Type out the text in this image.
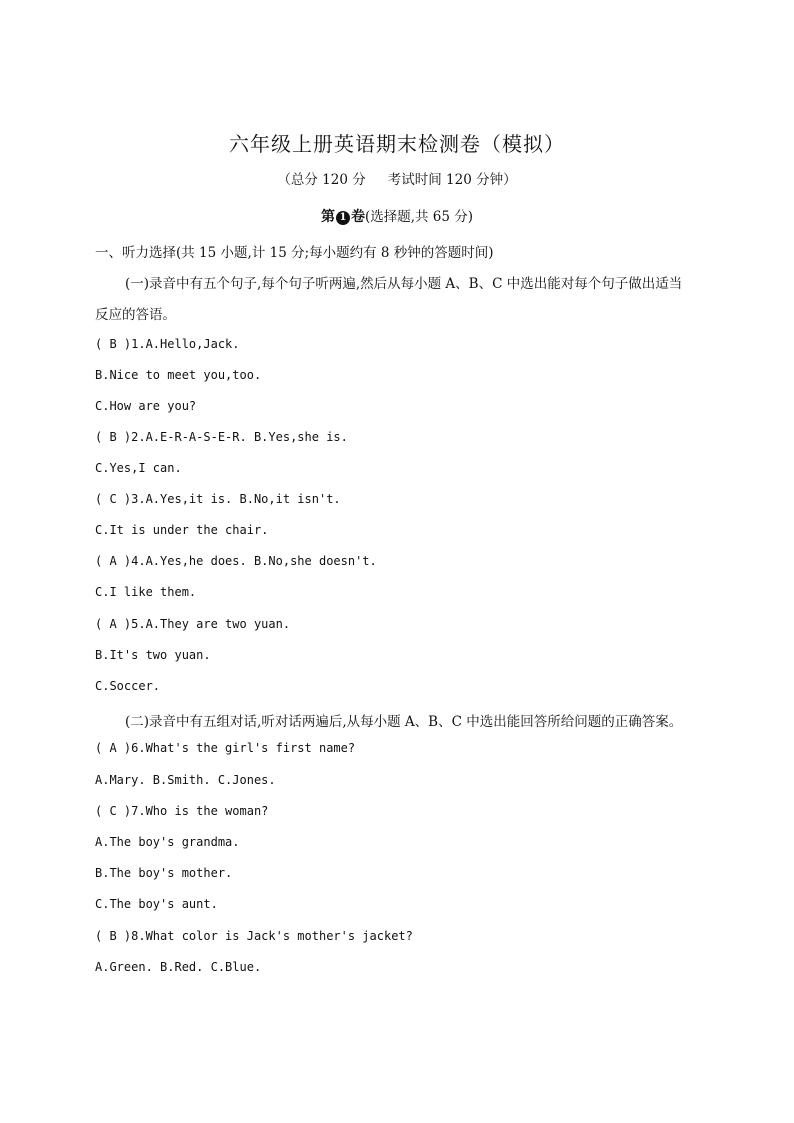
六年级上册英语期末检测卷（模拟）
（总分 120 分 考试时间 120 分钟）
第 1 卷(选择题,共 65 分)
一、听力选择(共 15 小题,计 15 分;每小题约有 8 秒钟的答题时间)
(一)录音中有五个句子,每个句子听两遍,然后从每小题 A、B、C 中选出能对每个句子做出适当
反应的答语。
( B )1.A.Hello,Jack.
B.Nice to meet you,too.
C.How are you?
( B )2.A.E-R-A-S-E-R. B.Yes,she is.
C.Yes,I can.
( C )3.A.Yes,it is. B.No,it isn't.
C.It is under the chair.
( A )4.A.Yes,he does. B.No,she doesn't.
C.I like them.
( A )5.A.They are two yuan.
B.It's two yuan.
C.Soccer.
(二)录音中有五组对话,听对话两遍后,从每小题 A、B、C 中选出能回答所给问题的正确答案。
( A )6.What's the girl's first name?
A.Mary. B.Smith. C.Jones.
( C )7.Who is the woman?
A.The boy's grandma.
B.The boy's mother.
C.The boy's aunt.
( B )8.What color is Jack's mother's jacket?
A.Green. B.Red. C.Blue.
